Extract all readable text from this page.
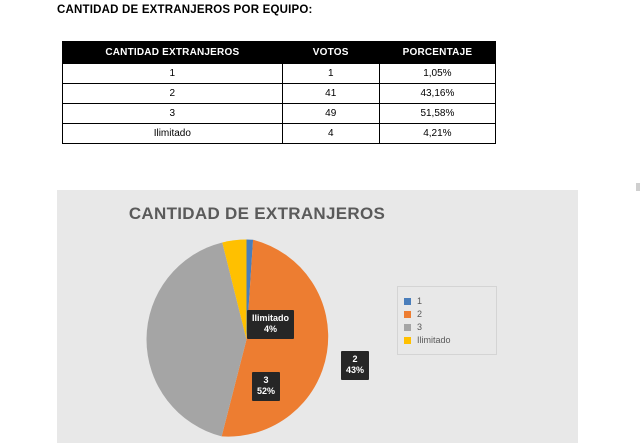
CANTIDAD DE EXTRANJEROS POR EQUIPO:
CANTIDAD EXTRANJEROS	VOTOS	PORCENTAJE
1	1	1,05%
2	41	43,16%
3	49	51,58%
Ilimitado	4	4,21%
CANTIDAD DE EXTRANJEROS
Ilimitado
4%
3
52%
2
43%
1
2
3
Ilimitado
